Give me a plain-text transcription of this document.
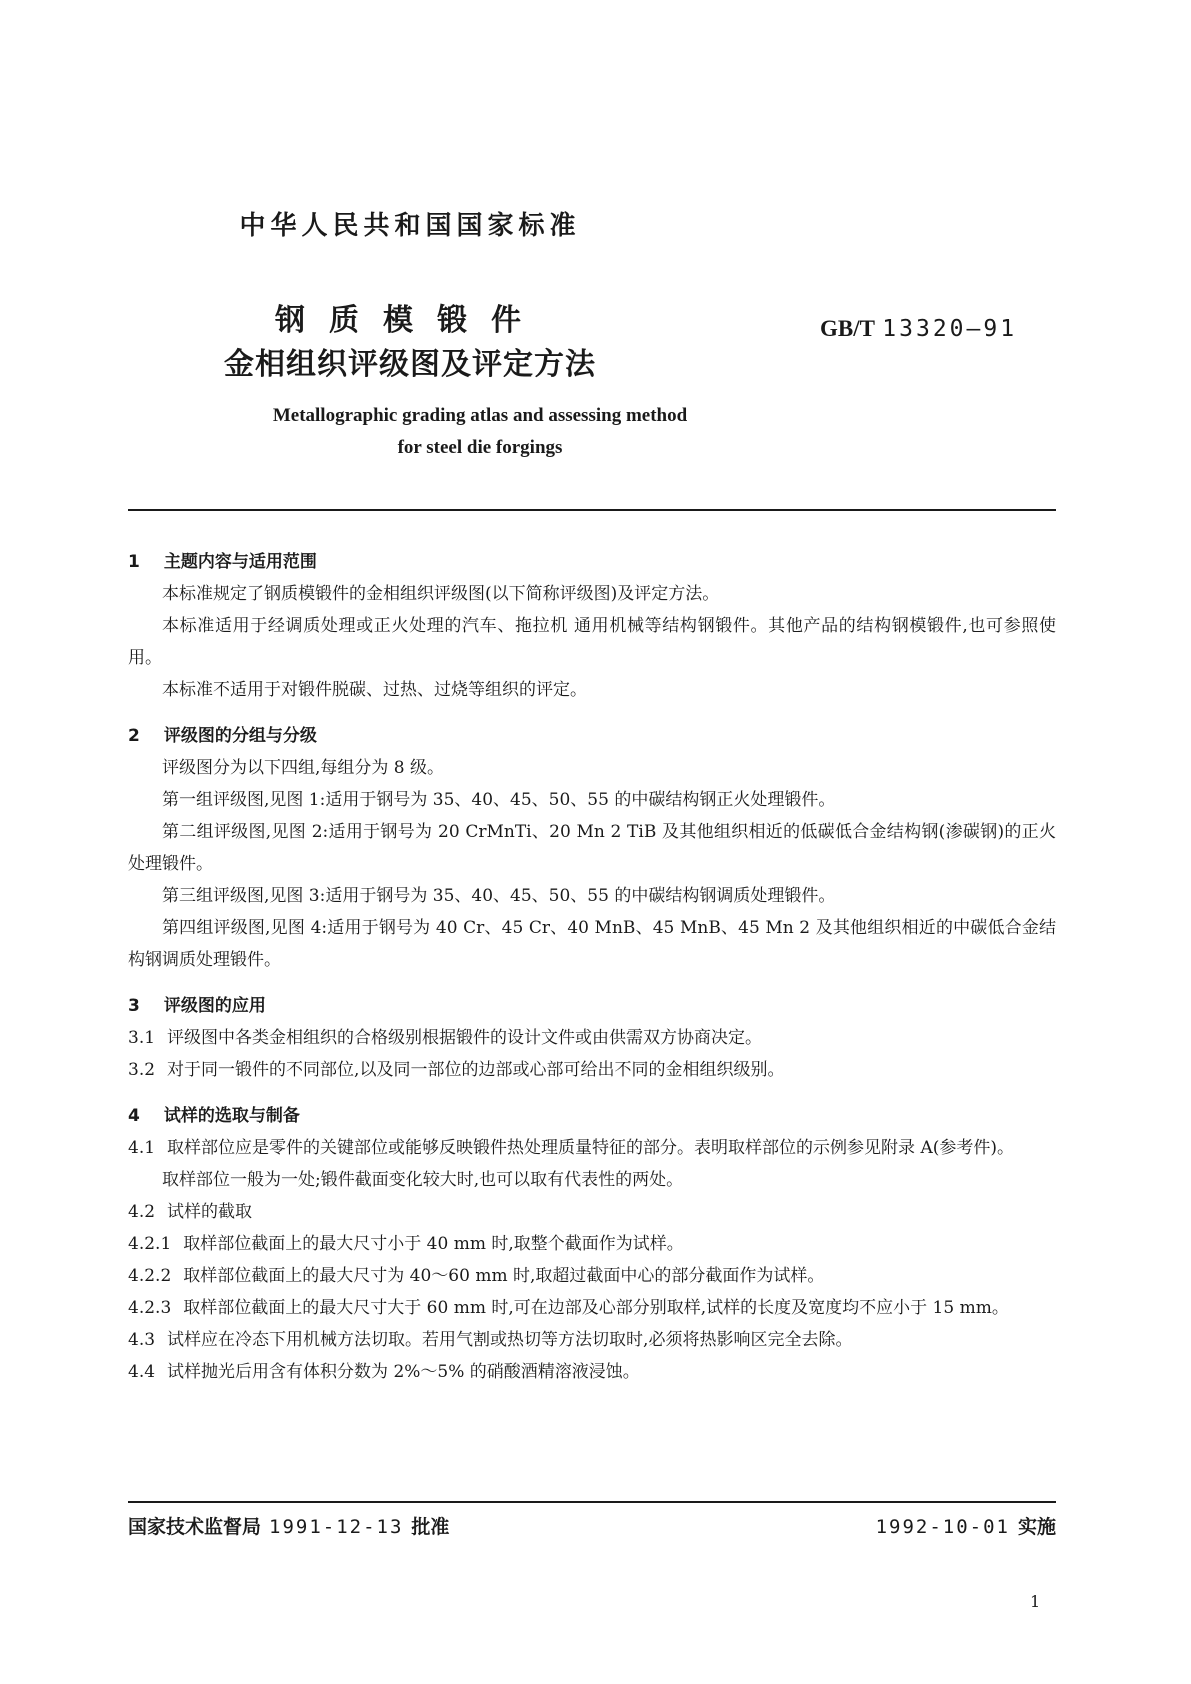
中华人民共和国国家标准
钢质模锻件
金相组织评级图及评定方法
GB/T 13320—91
Metallographic grading atlas and assessing method
for steel die forgings
1 主题内容与适用范围
本标准规定了钢质模锻件的金相组织评级图(以下简称评级图)及评定方法。
本标准适用于经调质处理或正火处理的汽车、拖拉机 通用机械等结构钢锻件。其他产品的结构钢模锻件,也可参照使用。
本标准不适用于对锻件脱碳、过热、过烧等组织的评定。
2 评级图的分组与分级
评级图分为以下四组,每组分为 8 级。
第一组评级图,见图 1:适用于钢号为 35、40、45、50、55 的中碳结构钢正火处理锻件。
第二组评级图,见图 2:适用于钢号为 20 CrMnTi、20 Mn 2 TiB 及其他组织相近的低碳低合金结构钢(渗碳钢)的正火处理锻件。
第三组评级图,见图 3:适用于钢号为 35、40、45、50、55 的中碳结构钢调质处理锻件。
第四组评级图,见图 4:适用于钢号为 40 Cr、45 Cr、40 MnB、45 MnB、45 Mn 2 及其他组织相近的中碳低合金结构钢调质处理锻件。
3 评级图的应用
3.1 评级图中各类金相组织的合格级别根据锻件的设计文件或由供需双方协商决定。
3.2 对于同一锻件的不同部位,以及同一部位的边部或心部可给出不同的金相组织级别。
4 试样的选取与制备
4.1 取样部位应是零件的关键部位或能够反映锻件热处理质量特征的部分。表明取样部位的示例参见附录 A(参考件)。
取样部位一般为一处;锻件截面变化较大时,也可以取有代表性的两处。
4.2 试样的截取
4.2.1 取样部位截面上的最大尺寸小于 40 mm 时,取整个截面作为试样。
4.2.2 取样部位截面上的最大尺寸为 40～60 mm 时,取超过截面中心的部分截面作为试样。
4.2.3 取样部位截面上的最大尺寸大于 60 mm 时,可在边部及心部分别取样,试样的长度及宽度均不应小于 15 mm。
4.3 试样应在冷态下用机械方法切取。若用气割或热切等方法切取时,必须将热影响区完全去除。
4.4 试样抛光后用含有体积分数为 2%～5% 的硝酸酒精溶液浸蚀。
国家技术监督局 1991-12-13 批准	1992-10-01 实施
1
